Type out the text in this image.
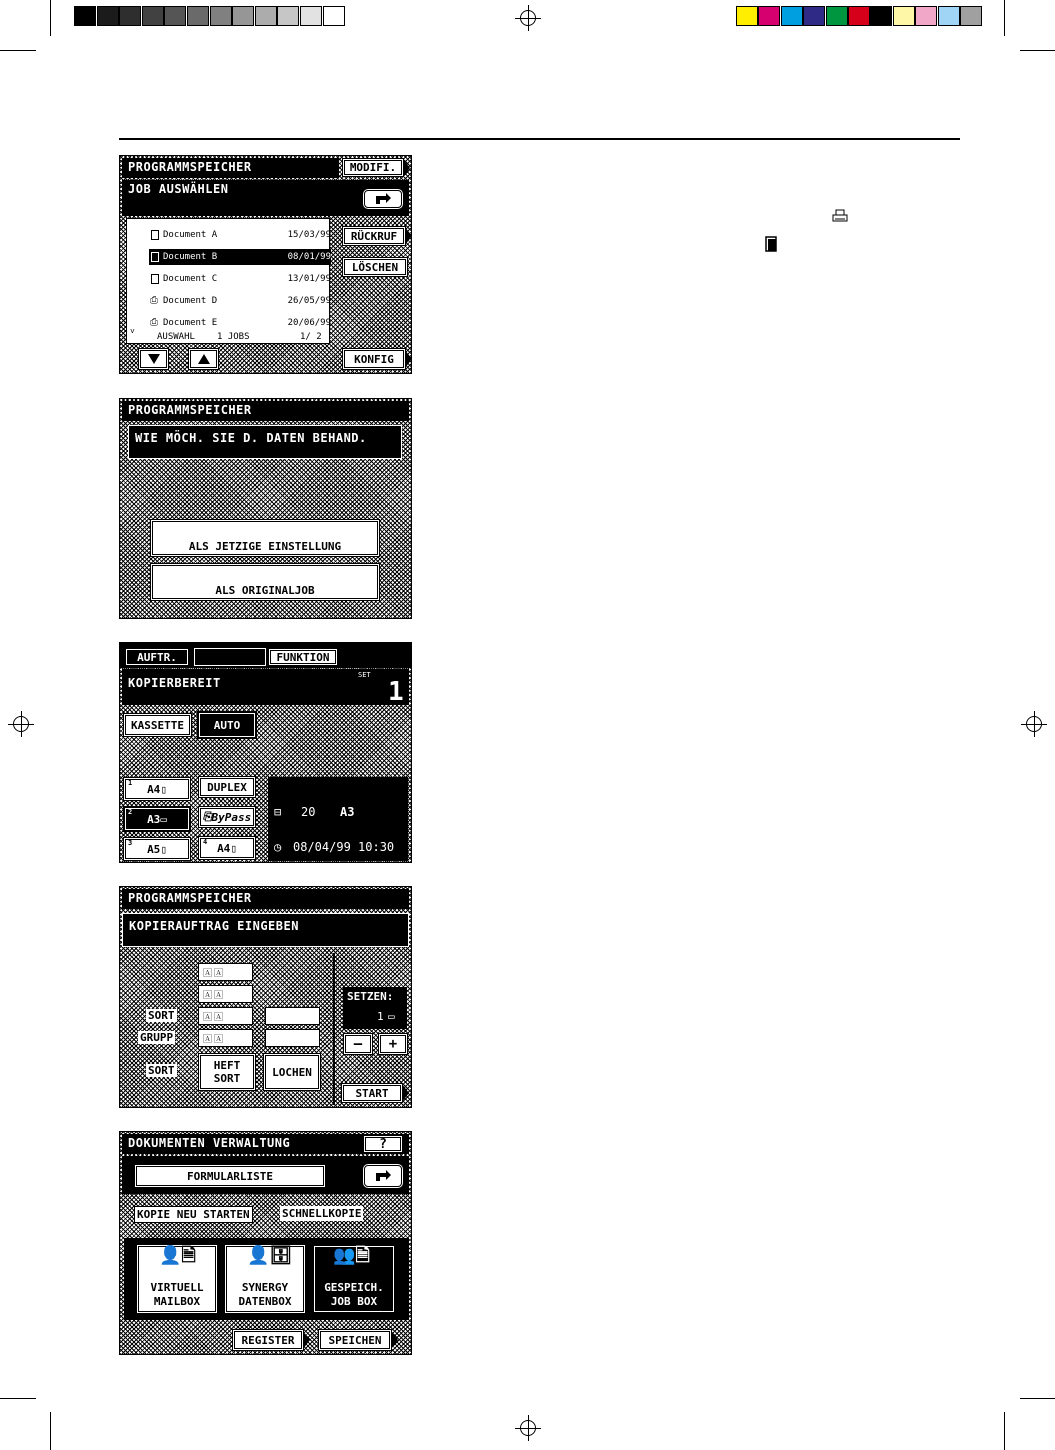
PROGRAMMSPEICHER	MODIFI.
JOB AUSWÄHLEN
Document A	15/03/99
Document B	08/01/99
Document C	13/01/99
⎙ Document D	26/05/99
⎙ Document E	20/06/99
˅
AUSWAHL 1 JOBS	1/ 2
RÜCKRUF
LÖSCHEN
KONFIG
PROGRAMMSPEICHER
WIE MÖCH. SIE D. DATEN BEHAND.
ALS JETZIGE EINSTELLUNG
ALS ORIGINALJOB
AUFTR.	FUNKTION
KOPIERBEREIT
SET
1
KASSETTE	AUTO
1 A4 ▯
2
A3 ▭
3 A5 ▯
DUPLEX
⎘ ByPass
4 A4 ▯
⊟ 20 A3
◷ 08/04/99 10:30
PROGRAMMSPEICHER
KOPIERAUFTRAG EINGEBEN
🄰🄰
🄰🄰
🄰🄰
🄰🄰
SORT
GRUPP
SORT	HEFT
SORT	LOCHEN
SETZEN:
1 ▭
–	+
START
DOKUMENTEN VERWALTUNG	?
FORMULARLISTE
KOPIE NEU STARTEN	SCHNELLKOPIE
👤🗎
VIRTUELL
MAILBOX
👤🗄
SYNERGY
DATENBOX
👥🗎
GESPEICH.
JOB BOX
REGISTER	SPEICHEN
